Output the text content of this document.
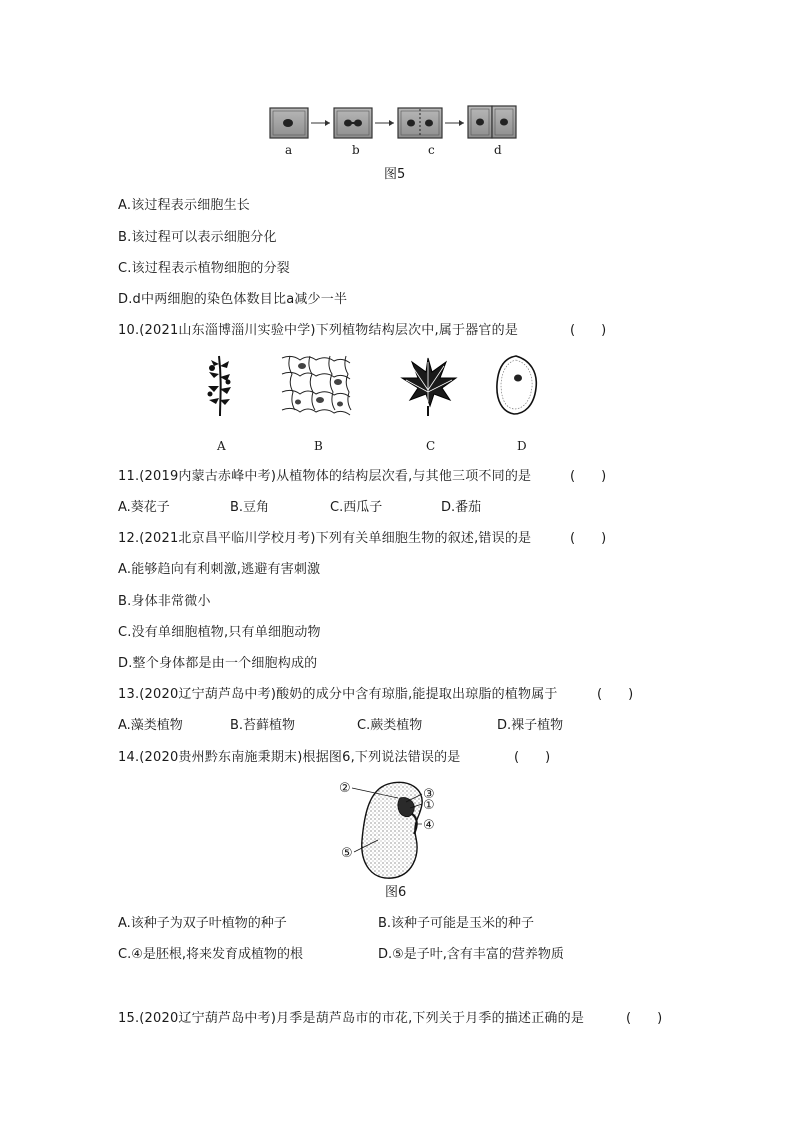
a	b	c	d
图5
A.该过程表示细胞生长
B.该过程可以表示细胞分化
C.该过程表示植物细胞的分裂
D.d中两细胞的染色体数目比a减少一半
10.(2021山东淄博淄川实验中学)下列植物结构层次中,属于器官的是	(　　)
A	B	C	D
11.(2019内蒙古赤峰中考)从植物体的结构层次看,与其他三项不同的是	(　　)
A.葵花子	B.豆角	C.西瓜子	D.番茄
12.(2021北京昌平临川学校月考)下列有关单细胞生物的叙述,错误的是	(　　)
A.能够趋向有利刺激,逃避有害刺激
B.身体非常微小
C.没有单细胞植物,只有单细胞动物
D.整个身体都是由一个细胞构成的
13.(2020辽宁葫芦岛中考)酸奶的成分中含有琼脂,能提取出琼脂的植物属于	(　　)
A.藻类植物	B.苔藓植物	C.蕨类植物	D.裸子植物
14.(2020贵州黔东南施秉期末)根据图6,下列说法错误的是	(　　)
②	③
①
④
⑤
图6
A.该种子为双子叶植物的种子	B.该种子可能是玉米的种子
C.④是胚根,将来发育成植物的根	D.⑤是子叶,含有丰富的营养物质
15.(2020辽宁葫芦岛中考)月季是葫芦岛市的市花,下列关于月季的描述正确的是	(　　)
